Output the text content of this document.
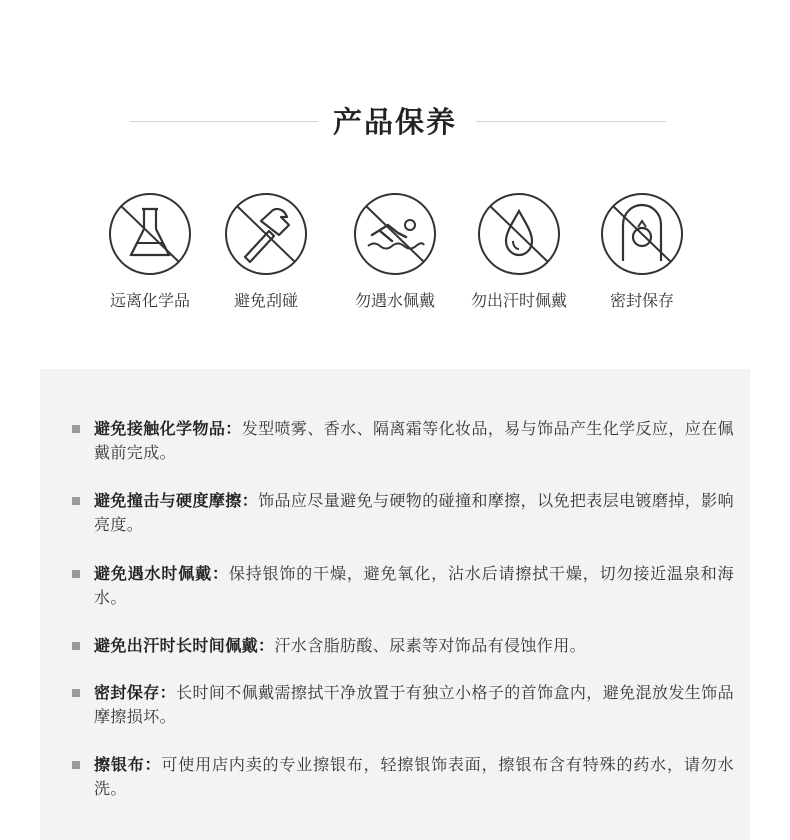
产品保养
远离化学品	避免刮碰	勿遇水佩戴	勿出汗时佩戴	密封保存
避免接触化学物品：发型喷雾、香水、隔离霜等化妆品，易与饰品产生化学反应，应在佩戴前完成。
避免撞击与硬度摩擦：饰品应尽量避免与硬物的碰撞和摩擦，以免把表层电镀磨掉，影响亮度。
避免遇水时佩戴：保持银饰的干燥，避免氧化，沾水后请擦拭干燥，切勿接近温泉和海水。
避免出汗时长时间佩戴：汗水含脂肪酸、尿素等对饰品有侵蚀作用。
密封保存：长时间不佩戴需擦拭干净放置于有独立小格子的首饰盒内，避免混放发生饰品摩擦损坏。
擦银布：可使用店内卖的专业擦银布，轻擦银饰表面，擦银布含有特殊的药水，请勿水洗。
